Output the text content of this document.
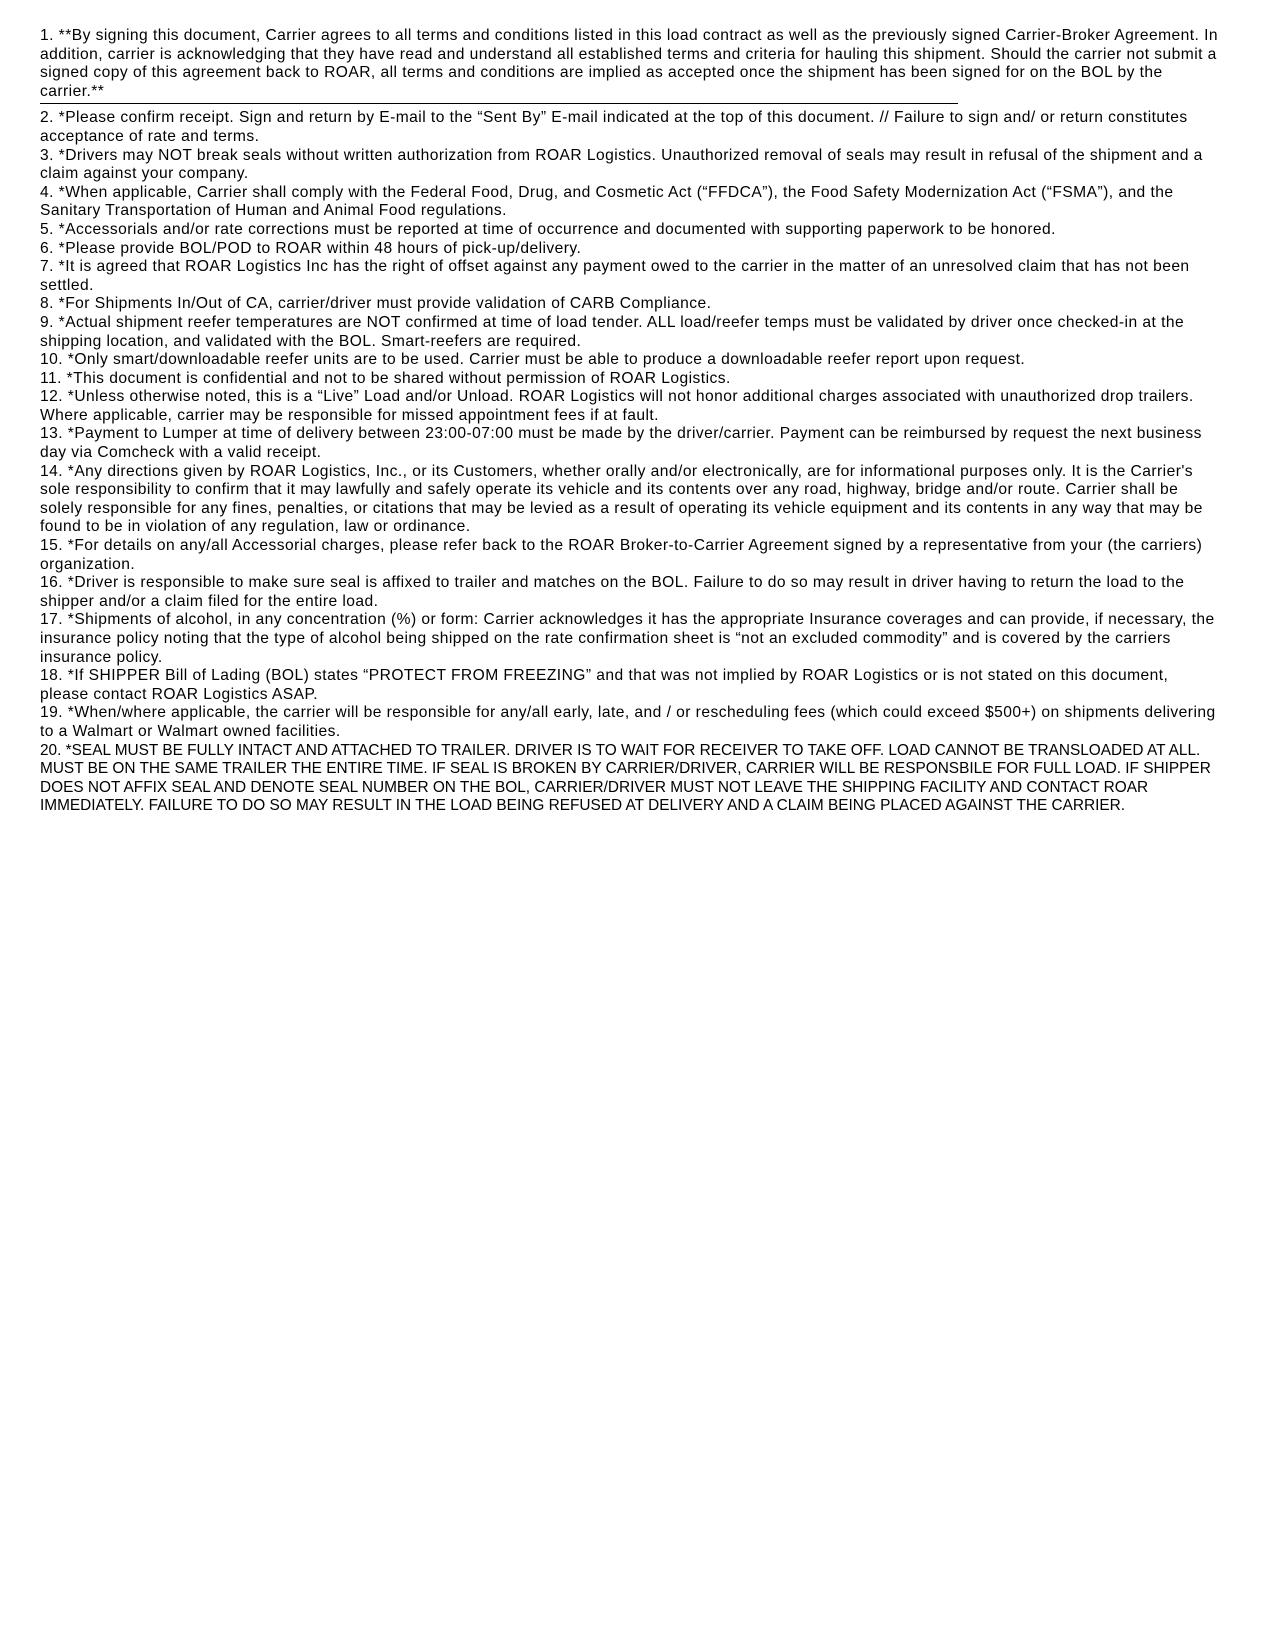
1. **By signing this document, Carrier agrees to all terms and conditions listed in this load contract as well as the previously signed Carrier-Broker Agreement. In addition, carrier is acknowledging that they have read and understand all established terms and criteria for hauling this shipment. Should the carrier not submit a signed copy of this agreement back to ROAR, all terms and conditions are implied as accepted once the shipment has been signed for on the BOL by the carrier.**

2. *Please confirm receipt. Sign and return by E-mail to the “Sent By” E-mail indicated at the top of this document. // Failure to sign and/ or return constitutes acceptance of rate and terms.

3. *Drivers may NOT break seals without written authorization from ROAR Logistics. Unauthorized removal of seals may result in refusal of the shipment and a claim against your company.

4. *When applicable, Carrier shall comply with the Federal Food, Drug, and Cosmetic Act (“FFDCA”), the Food Safety Modernization Act (“FSMA”), and the Sanitary Transportation of Human and Animal Food regulations.

5. *Accessorials and/or rate corrections must be reported at time of occurrence and documented with supporting paperwork to be honored.

6. *Please provide BOL/POD to ROAR within 48 hours of pick-up/delivery.

7. *It is agreed that ROAR Logistics Inc has the right of offset against any payment owed to the carrier in the matter of an unresolved claim that has not been settled.

8. *For Shipments In/Out of CA, carrier/driver must provide validation of CARB Compliance.

9. *Actual shipment reefer temperatures are NOT confirmed at time of load tender. ALL load/reefer temps must be validated by driver once checked-in at the shipping location, and validated with the BOL. Smart-reefers are required.

10. *Only smart/downloadable reefer units are to be used. Carrier must be able to produce a downloadable reefer report upon request.

11. *This document is confidential and not to be shared without permission of ROAR Logistics.

12. *Unless otherwise noted, this is a “Live” Load and/or Unload. ROAR Logistics will not honor additional charges associated with unauthorized drop trailers. Where applicable, carrier may be responsible for missed appointment fees if at fault.

13. *Payment to Lumper at time of delivery between 23:00-07:00 must be made by the driver/carrier. Payment can be reimbursed by request the next business day via Comcheck with a valid receipt.

14. *Any directions given by ROAR Logistics, Inc., or its Customers, whether orally and/or electronically, are for informational purposes only. It is the Carrier's sole responsibility to confirm that it may lawfully and safely operate its vehicle and its contents over any road, highway, bridge and/or route. Carrier shall be solely responsible for any fines, penalties, or citations that may be levied as a result of operating its vehicle equipment and its contents in any way that may be found to be in violation of any regulation, law or ordinance.

15. *For details on any/all Accessorial charges, please refer back to the ROAR Broker-to-Carrier Agreement signed by a representative from your (the carriers) organization.

16. *Driver is responsible to make sure seal is affixed to trailer and matches on the BOL. Failure to do so may result in driver having to return the load to the shipper and/or a claim filed for the entire load.

17. *Shipments of alcohol, in any concentration (%) or form: Carrier acknowledges it has the appropriate Insurance coverages and can provide, if necessary, the insurance policy noting that the type of alcohol being shipped on the rate confirmation sheet is “not an excluded commodity” and is covered by the carriers insurance policy.

18. *If SHIPPER Bill of Lading (BOL) states “PROTECT FROM FREEZING” and that was not implied by ROAR Logistics or is not stated on this document, please contact ROAR Logistics ASAP.

19. *When/where applicable, the carrier will be responsible for any/all early, late, and / or rescheduling fees (which could exceed $500+) on shipments delivering to a Walmart or Walmart owned facilities.

20. *SEAL MUST BE FULLY INTACT AND ATTACHED TO TRAILER. DRIVER IS TO WAIT FOR RECEIVER TO TAKE OFF. LOAD CANNOT BE TRANSLOADED AT ALL. MUST BE ON THE SAME TRAILER THE ENTIRE TIME. IF SEAL IS BROKEN BY CARRIER/DRIVER, CARRIER WILL BE RESPONSBILE FOR FULL LOAD. IF SHIPPER DOES NOT AFFIX SEAL AND DENOTE SEAL NUMBER ON THE BOL, CARRIER/DRIVER MUST NOT LEAVE THE SHIPPING FACILITY AND CONTACT ROAR IMMEDIATELY. FAILURE TO DO SO MAY RESULT IN THE LOAD BEING REFUSED AT DELIVERY AND A CLAIM BEING PLACED AGAINST THE CARRIER.
